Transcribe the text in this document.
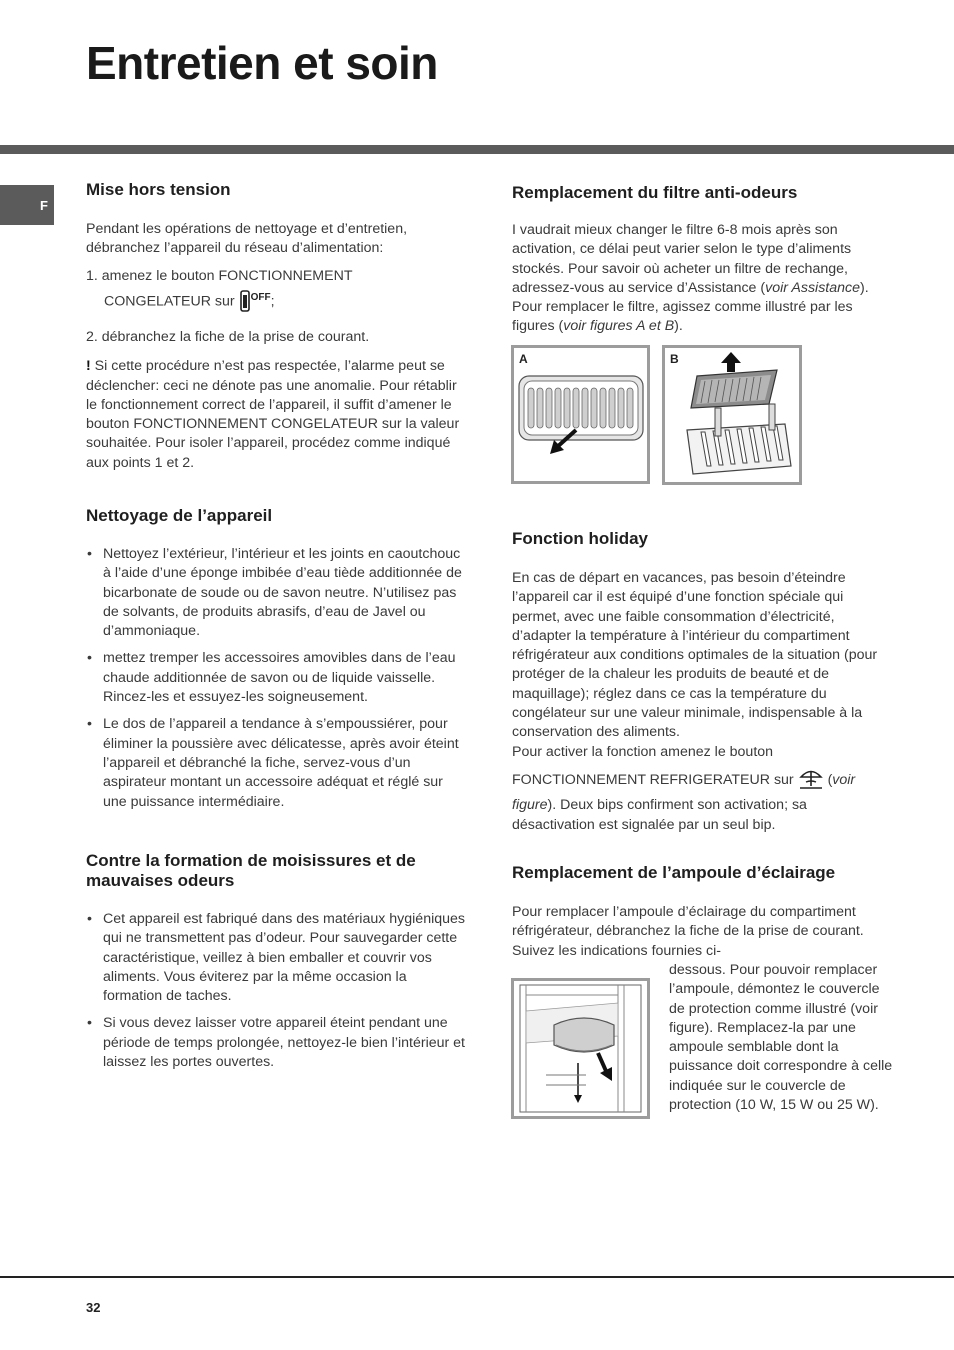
Entretien et soin
F
Mise hors tension

Pendant les opérations de nettoyage et d’entretien, débranchez l’appareil du réseau d’alimentation:

1. amenez le bouton FONCTIONNEMENT

CONGELATEUR sur $^{OFF}$;

2. débranchez la fiche de la prise de courant.

! Si cette procédure n’est pas respectée, l’alarme peut se déclencher: ceci ne dénote pas une anomalie. Pour rétablir le fonctionnement correct de l’appareil, il suffit d’amener le bouton FONCTIONNEMENT CONGELATEUR sur la valeur souhaitée. Pour isoler l’appareil, procédez comme indiqué aux points 1 et 2.

Nettoyage de l’appareil
• Nettoyez l’extérieur, l’intérieur et les joints en caoutchouc à l’aide d’une éponge imbibée d’eau tiède additionnée de bicarbonate de soude ou de savon neutre. N’utilisez pas de solvants, de produits abrasifs, d’eau de Javel ou d’ammoniaque.
• mettez tremper les accessoires amovibles dans de l’eau chaude additionnée de savon ou de liquide vaisselle. Rincez-les et essuyez-les soigneusement.
• Le dos de l’appareil a tendance à s’empoussiérer, pour éliminer la poussière avec délicatesse, après avoir éteint l’appareil et débranché la fiche, servez-vous d’un aspirateur montant un accessoire adéquat et réglé sur une puissance intermédiaire.
Contre la formation de moisissures et de mauvaises odeurs
• Cet appareil est fabriqué dans des matériaux hygiéniques qui ne transmettent pas d’odeur. Pour sauvegarder cette caractéristique, veillez à bien emballer et couvrir vos aliments. Vous éviterez par la même occasion la formation de taches.
• Si vous devez laisser votre appareil éteint pendant une période de temps prolongée, nettoyez-le bien l’intérieur et laissez les portes ouvertes.
Remplacement du filtre anti-odeurs

I vaudrait mieux changer le filtre 6-8 mois après son activation, ce délai peut varier selon le type d’aliments stockés. Pour savoir où acheter un filtre de rechange, adressez-vous au service d’Assistance (voir Assistance). Pour remplacer le filtre, agissez comme illustré par les figures (voir figures A et B).

A	B
Fonction holiday

En cas de départ en vacances, pas besoin d’éteindre l’appareil car il est équipé d’une fonction spéciale qui permet, avec une faible consommation d’électricité, d’adapter la température à l’intérieur du compartiment réfrigérateur aux conditions optimales de la situation (pour protéger de la chaleur les produits de beauté et de maquillage); réglez dans ce cas la température du congélateur sur une valeur minimale, indispensable à la conservation des aliments.

Pour activer la fonction amenez le bouton

FONCTIONNEMENT REFRIGERATEUR sur  (voir figure). Deux bips confirment son activation; sa désactivation est signalée par un seul bip.

Remplacement de l’ampoule d’éclairage

Pour remplacer l’ampoule d’éclairage du compartiment réfrigérateur, débranchez la fiche de la prise de courant. Suivez les indications fournies ci-

dessous. Pour pouvoir remplacer l’ampoule, démontez le couvercle de protection comme illustré (voir figure). Remplacez-la par une ampoule semblable dont la puissance doit correspondre à celle indiquée sur le couvercle de protection (10 W, 15 W ou 25 W).

32
